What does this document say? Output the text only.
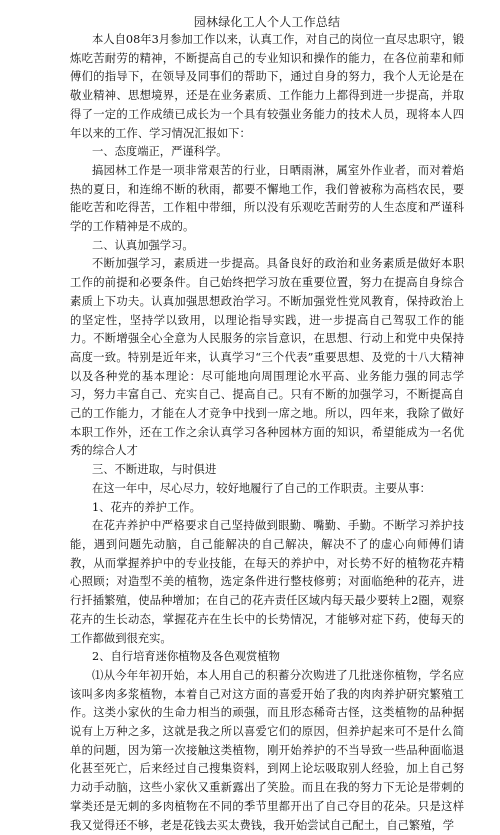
园林绿化工人个人工作总结
本人自08年3月参加工作以来，认真工作，对自己的岗位一直尽忠职守，锻炼吃苦耐劳的精神，不断提高自己的专业知识和操作的能力，在各位前辈和师傅们的指导下，在领导及同事们的帮助下，通过自身的努力，我个人无论是在敬业精神、思想境界，还是在业务素质、工作能力上都得到进一步提高，并取得了一定的工作成绩已成长为一个具有较强业务能力的技术人员，现将本人四年以来的工作、学习情况汇报如下：
一、态度端正，严谨科学。
搞园林工作是一项非常艰苦的行业，日晒雨淋，属室外作业者，而对着焰热的夏日，和连绵不断的秋雨，都要不懈地工作，我们曾被称为高档农民，要能吃苦和吃得苦，工作粗中带细，所以没有乐观吃苦耐劳的人生态度和严谨科学的工作精神是不成的。
二、认真加强学习。
不断加强学习，素质进一步提高。具备良好的政治和业务素质是做好本职工作的前提和必要条件。自己始终把学习放在重要位置，努力在提高自身综合素质上下功夫。认真加强思想政治学习。不断加强党性党风教育，保持政治上的坚定性，坚持学以致用，以理论指导实践，进一步提高自己驾驭工作的能力。不断增强全心全意为人民服务的宗旨意识，在思想、行动上和党中央保持高度一致。特别是近年来，认真学习“三个代表”重要思想、及党的十八大精神以及各种党的基本理论：尽可能地向周围理论水平高、业务能力强的同志学习，努力丰富自己、充实自己、提高自己。只有不断的加强学习，不断提高自己的工作能力，才能在人才竞争中找到一席之地。所以，四年来，我除了做好本职工作外，还在工作之余认真学习各种园林方面的知识，希望能成为一名优秀的综合人才
三、不断进取，与时俱进
在这一年中，尽心尽力，较好地履行了自己的工作职责。主要从事：
1、花卉的养护工作。
在花卉养护中严格要求自己坚持做到眼勤、嘴勤、手勤。不断学习养护技能，遇到问题先动脑，自己能解决的自己解决，解决不了的虚心向师傅们请教，从而掌握养护中的专业技能，在每天的养护中，对长势不好的植物花卉精心照顾；对造型不美的植物，选定条件进行整枝修剪；对面临绝种的花卉，进行扦插繁殖，使品种增加；在自己的花卉责任区域内每天最少要转上2圈，观察花卉的生长动态，掌握花卉在生长中的长势情况，才能够对症下药，使每天的工作都做到很充实。
2、自行培育迷你植物及各色观赏植物
⑴从今年年初开始，本人用自己的积蓄分次购进了几批迷你植物，学名应该叫多肉多浆植物，本着自己对这方面的喜爱开始了我的肉肉养护研究繁殖工作。这类小家伙的生命力相当的顽强，而且形态稀奇古怪，这类植物的品种据说有上万种之多，这就是我之所以喜爱它们的原因，但养护起来可不是什么简单的问题，因为第一次接触这类植物，刚开始养护的不当导致一些品种面临退化甚至死亡，后来经过自己搜集资料，到网上论坛吸取别人经验，加上自己努力动手动脑，这些小家伙又重新露出了笑脸。而且在我的努力下无论是带刺的掌类还是无刺的多肉植物在不同的季节里都开出了自己夺目的花朵。只是这样我又觉得还不够，老是花钱去买太费钱，我开始尝试自己配土，自己繁殖，学
